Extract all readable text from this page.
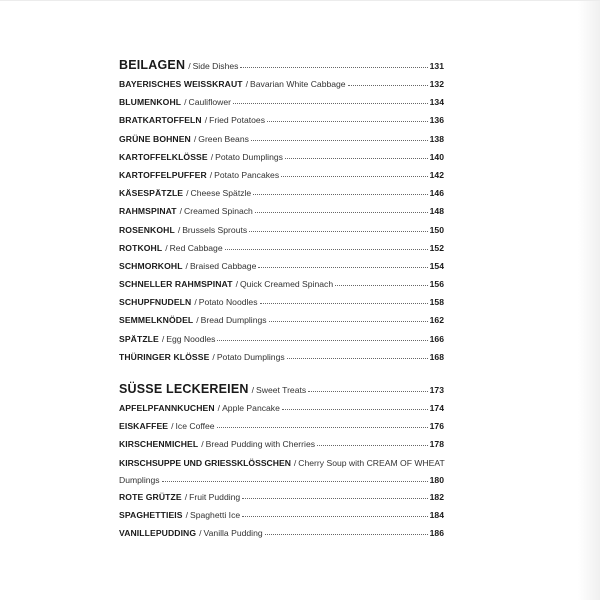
BEILAGEN / Side Dishes	131
BAYERISCHES WEISSKRAUT / Bavarian White Cabbage	132
BLUMENKOHL / Cauliflower	134
BRATKARTOFFELN / Fried Potatoes	136
GRÜNE BOHNEN / Green Beans	138
KARTOFFELKLÖSSE / Potato Dumplings	140
KARTOFFELPUFFER / Potato Pancakes	142
KÄSESPÄTZLE / Cheese Spätzle	146
RAHMSPINAT / Creamed Spinach	148
ROSENKOHL / Brussels Sprouts	150
ROTKOHL / Red Cabbage	152
SCHMORKOHL / Braised Cabbage	154
SCHNELLER RAHMSPINAT / Quick Creamed Spinach	156
SCHUPFNUDELN / Potato Noodles	158
SEMMELKNÖDEL / Bread Dumplings	162
SPÄTZLE / Egg Noodles	166
THÜRINGER KLÖSSE / Potato Dumplings	168
SÜSSE LECKEREIEN / Sweet Treats	173
APFELPFANNKUCHEN / Apple Pancake	174
EISKAFFEE / Ice Coffee	176
KIRSCHENMICHEL / Bread Pudding with Cherries	178
KIRSCHSUPPE UND GRIESSKLÖSSCHEN / Cherry Soup with CREAM OF WHEAT
Dumplings	180
ROTE GRÜTZE / Fruit Pudding	182
SPAGHETTIEIS / Spaghetti Ice	184
VANILLEPUDDING / Vanilla Pudding	186
